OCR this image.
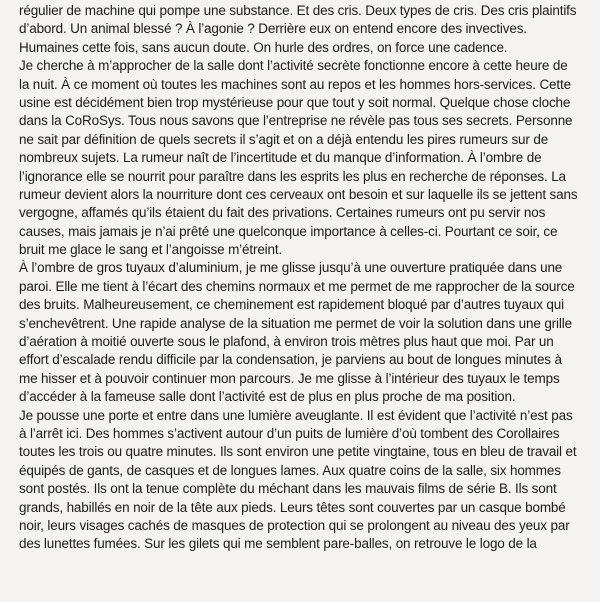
régulier de machine qui pompe une substance. Et des cris. Deux types de cris. Des cris plaintifs
d’abord. Un animal blessé ? À l’agonie ? Derrière eux on entend encore des invectives.
Humaines cette fois, sans aucun doute. On hurle des ordres, on force une cadence.
Je cherche à m’approcher de la salle dont l’activité secrète fonctionne encore à cette heure de
la nuit. À ce moment où toutes les machines sont au repos et les hommes hors-services. Cette
usine est décidément bien trop mystérieuse pour que tout y soit normal. Quelque chose cloche
dans la CoRoSys. Tous nous savons que l’entreprise ne révèle pas tous ses secrets. Personne
ne sait par définition de quels secrets il s’agit et on a déjà entendu les pires rumeurs sur de
nombreux sujets. La rumeur naît de l’incertitude et du manque d’information. À l’ombre de
l’ignorance elle se nourrit pour paraître dans les esprits les plus en recherche de réponses. La
rumeur devient alors la nourriture dont ces cerveaux ont besoin et sur laquelle ils se jettent sans
vergogne, affamés qu’ils étaient du fait des privations. Certaines rumeurs ont pu servir nos
causes, mais jamais je n’ai prêté une quelconque importance à celles-ci. Pourtant ce soir, ce
bruit me glace le sang et l’angoisse m’étreint.
À l’ombre de gros tuyaux d’aluminium, je me glisse jusqu’à une ouverture pratiquée dans une
paroi. Elle me tient à l’écart des chemins normaux et me permet de me rapprocher de la source
des bruits. Malheureusement, ce cheminement est rapidement bloqué par d’autres tuyaux qui
s’enchevêtrent. Une rapide analyse de la situation me permet de voir la solution dans une grille
d’aération à moitié ouverte sous le plafond, à environ trois mètres plus haut que moi. Par un
effort d’escalade rendu difficile par la condensation, je parviens au bout de longues minutes à
me hisser et à pouvoir continuer mon parcours. Je me glisse à l’intérieur des tuyaux le temps
d’accéder à la fameuse salle dont l’activité est de plus en plus proche de ma position.
Je pousse une porte et entre dans une lumière aveuglante. Il est évident que l’activité n’est pas
à l’arrêt ici. Des hommes s’activent autour d’un puits de lumière d’où tombent des Corollaires
toutes les trois ou quatre minutes. Ils sont environ une petite vingtaine, tous en bleu de travail et
équipés de gants, de casques et de longues lames. Aux quatre coins de la salle, six hommes
sont postés. Ils ont la tenue complète du méchant dans les mauvais films de série B. Ils sont
grands, habillés en noir de la tête aux pieds. Leurs têtes sont couvertes par un casque bombé
noir, leurs visages cachés de masques de protection qui se prolongent au niveau des yeux par
des lunettes fumées. Sur les gilets qui me semblent pare-balles, on retrouve le logo de la
